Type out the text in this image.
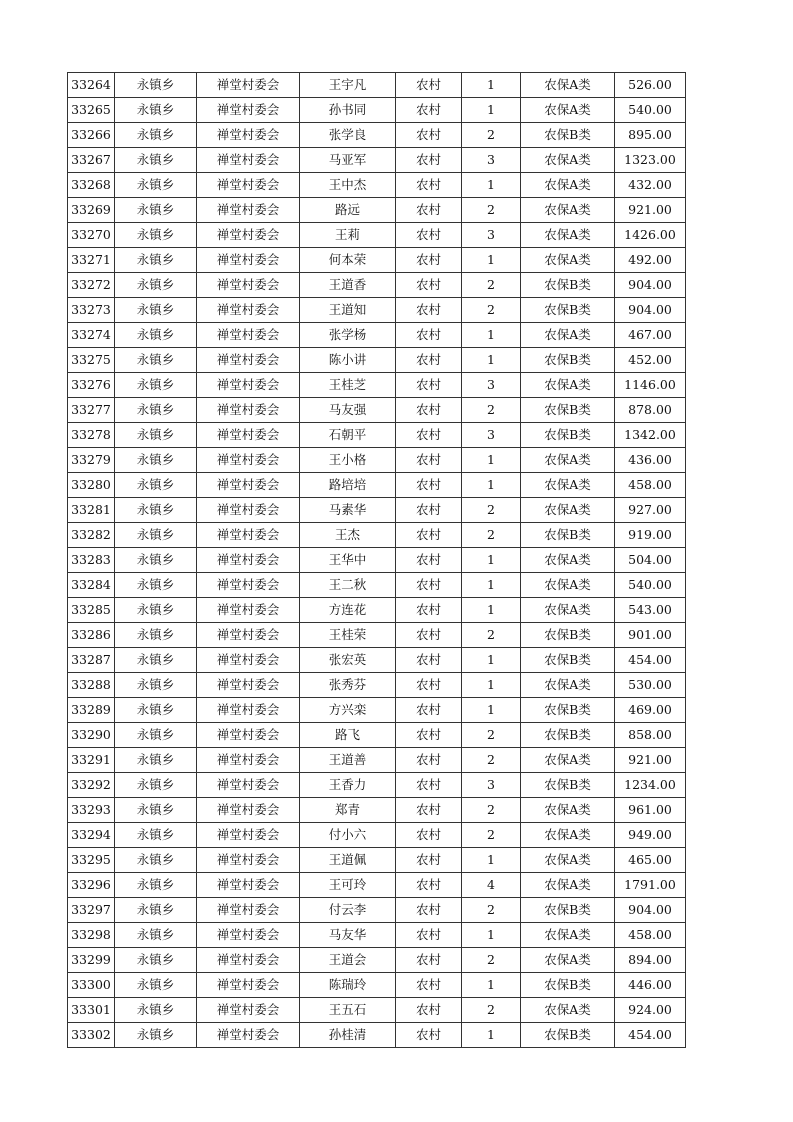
33264	永镇乡	禅堂村委会	王宇凡	农村	1	农保A类	526.00
33265	永镇乡	禅堂村委会	孙书同	农村	1	农保A类	540.00
33266	永镇乡	禅堂村委会	张学良	农村	2	农保B类	895.00
33267	永镇乡	禅堂村委会	马亚军	农村	3	农保A类	1323.00
33268	永镇乡	禅堂村委会	王中杰	农村	1	农保A类	432.00
33269	永镇乡	禅堂村委会	路远	农村	2	农保A类	921.00
33270	永镇乡	禅堂村委会	王莉	农村	3	农保A类	1426.00
33271	永镇乡	禅堂村委会	何本荣	农村	1	农保A类	492.00
33272	永镇乡	禅堂村委会	王道香	农村	2	农保B类	904.00
33273	永镇乡	禅堂村委会	王道知	农村	2	农保B类	904.00
33274	永镇乡	禅堂村委会	张学杨	农村	1	农保A类	467.00
33275	永镇乡	禅堂村委会	陈小讲	农村	1	农保B类	452.00
33276	永镇乡	禅堂村委会	王桂芝	农村	3	农保A类	1146.00
33277	永镇乡	禅堂村委会	马友强	农村	2	农保B类	878.00
33278	永镇乡	禅堂村委会	石朝平	农村	3	农保B类	1342.00
33279	永镇乡	禅堂村委会	王小格	农村	1	农保A类	436.00
33280	永镇乡	禅堂村委会	路培培	农村	1	农保A类	458.00
33281	永镇乡	禅堂村委会	马素华	农村	2	农保A类	927.00
33282	永镇乡	禅堂村委会	王杰	农村	2	农保B类	919.00
33283	永镇乡	禅堂村委会	王华中	农村	1	农保A类	504.00
33284	永镇乡	禅堂村委会	王二秋	农村	1	农保A类	540.00
33285	永镇乡	禅堂村委会	方连花	农村	1	农保A类	543.00
33286	永镇乡	禅堂村委会	王桂荣	农村	2	农保B类	901.00
33287	永镇乡	禅堂村委会	张宏英	农村	1	农保B类	454.00
33288	永镇乡	禅堂村委会	张秀芬	农村	1	农保A类	530.00
33289	永镇乡	禅堂村委会	方兴栾	农村	1	农保B类	469.00
33290	永镇乡	禅堂村委会	路飞	农村	2	农保B类	858.00
33291	永镇乡	禅堂村委会	王道善	农村	2	农保A类	921.00
33292	永镇乡	禅堂村委会	王香力	农村	3	农保B类	1234.00
33293	永镇乡	禅堂村委会	郑青	农村	2	农保A类	961.00
33294	永镇乡	禅堂村委会	付小六	农村	2	农保A类	949.00
33295	永镇乡	禅堂村委会	王道佩	农村	1	农保A类	465.00
33296	永镇乡	禅堂村委会	王可玲	农村	4	农保A类	1791.00
33297	永镇乡	禅堂村委会	付云李	农村	2	农保B类	904.00
33298	永镇乡	禅堂村委会	马友华	农村	1	农保A类	458.00
33299	永镇乡	禅堂村委会	王道会	农村	2	农保A类	894.00
33300	永镇乡	禅堂村委会	陈瑞玲	农村	1	农保B类	446.00
33301	永镇乡	禅堂村委会	王五石	农村	2	农保A类	924.00
33302	永镇乡	禅堂村委会	孙桂清	农村	1	农保B类	454.00
